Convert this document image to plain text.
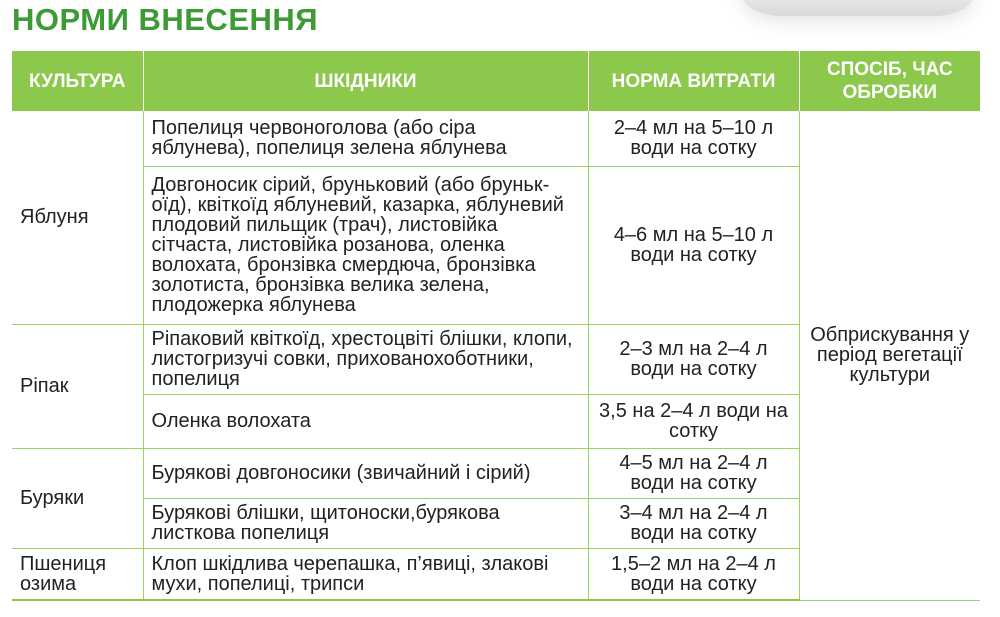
НОРМИ ВНЕСЕННЯ
КУЛЬТУРА	ШКІДНИКИ	НОРМА ВИТРАТИ	СПОСІБ, ЧАС ОБРОБКИ
Яблуня	Попелиця червоноголова (або сіра яблунева), попелиця зелена яблунева	2–4 мл на 5–10 л води на сотку	Обприскування у період вегетації культури
	Довгоносик сірий, бруньковий (або брунькоїд), квіткоїд яблуневий, казарка, яблуневий плодовий пильщик (трач), листовійка сітчаста, листовійка розанова, оленка волохата, бронзівка смердюча, бронзівка золотиста, бронзівка велика зелена, плодожерка яблунева	4–6 мл на 5–10 л води на сотку	
Ріпак	Ріпаковий квіткоїд, хрестоцвіті блішки, клопи, листогризучі совки, прихованохоботники, попелиця	2–3 мл на 2–4 л води на сотку	
	Оленка волохата	3,5 на 2–4 л води на сотку	
Буряки	Бурякові довгоносики (звичайний і сірий)	4–5 мл на 2–4 л води на сотку	
	Бурякові блішки, щитоноски,бурякова листкова попелиця	3–4 мл на 2–4 л води на сотку	
Пшениця озима	Клоп шкідлива черепашка, п’явиці, злакові мухи, попелиці, трипси	1,5–2 мл на 2–4 л води на сотку	
